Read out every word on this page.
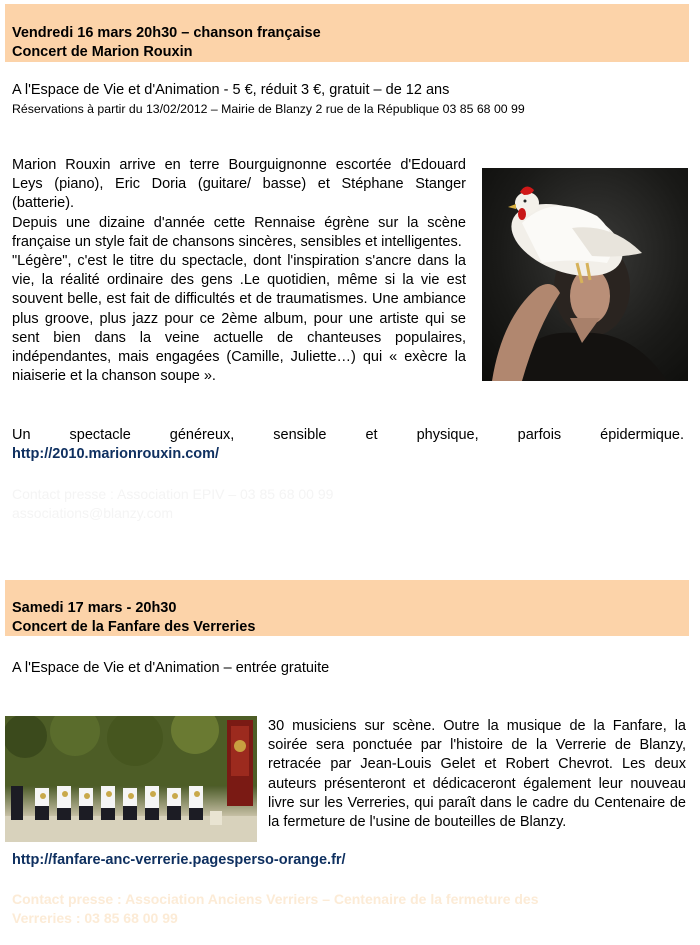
Vendredi 16 mars 20h30 – chanson française
Concert de Marion Rouxin
A l'Espace de Vie et d'Animation - 5 €, réduit 3 €, gratuit – de 12 ans
Réservations à partir du 13/02/2012 – Mairie de Blanzy 2 rue de la République 03 85 68 00 99

Marion Rouxin arrive en terre Bourguignonne escortée d'Edouard Leys (piano), Eric Doria (guitare/ basse) et Stéphane Stanger (batterie).

Depuis une dizaine d'année cette Rennaise égrène sur la scène française un style fait de chansons sincères, sensibles et intelligentes.

"Légère", c'est le titre du spectacle, dont l'inspiration s'ancre dans la vie, la réalité ordinaire des gens .Le quotidien, même si la vie est souvent belle, est fait de difficultés et de traumatismes. Une ambiance plus groove, plus jazz pour ce 2ème album, pour une artiste qui se sent bien dans la veine actuelle de chanteuses populaires, indépendantes, mais engagées (Camille, Juliette…) qui « exècre la niaiserie et la chanson soupe ».

Un spectacle généreux, sensible et physique, parfois épidermique.
http://2010.marionrouxin.com/
Contact presse : Association EPIV – 03 85 68 00 99
associations@blanzy.com
Samedi 17 mars - 20h30
Concert de la Fanfare des Verreries
A l'Espace de Vie et d'Animation – entrée gratuite
30 musiciens sur scène. Outre la musique de la Fanfare, la soirée sera ponctuée par l'histoire de la Verrerie de Blanzy, retracée par Jean-Louis Gelet et Robert Chevrot. Les deux auteurs présenteront et dédicaceront également leur nouveau livre sur les Verreries, qui paraît dans le cadre du Centenaire de la fermeture de l'usine de bouteilles de Blanzy.
http://fanfare-anc-verrerie.pagesperso-orange.fr/
Contact presse : Association Anciens Verriers – Centenaire de la fermeture des
Verreries : 03 85 68 00 99
